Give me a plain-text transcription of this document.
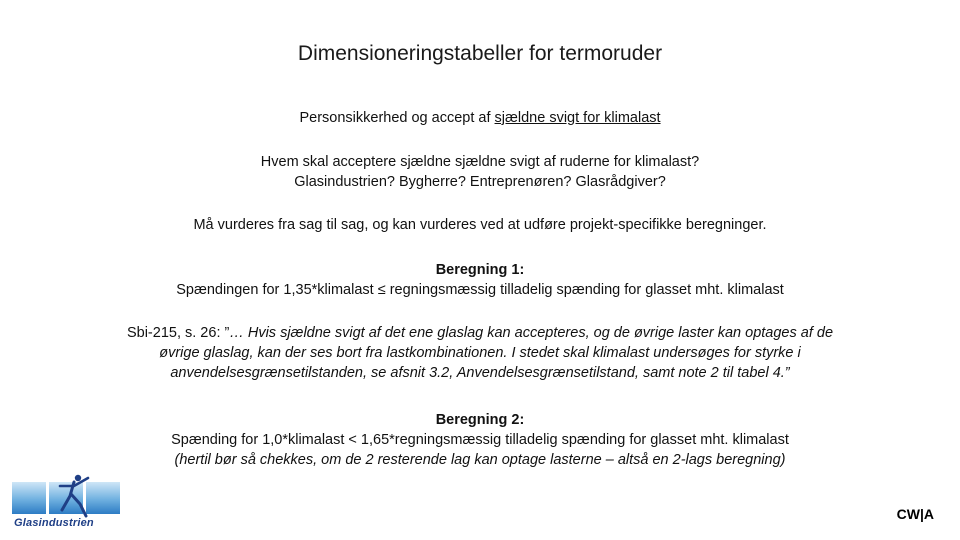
Dimensioneringstabeller for termoruder
Personsikkerhed og accept af sjældne svigt for klimalast
Hvem skal acceptere sjældne sjældne svigt af ruderne for klimalast?
Glasindustrien? Bygherre? Entreprenøren? Glasrådgiver?
Må vurderes fra sag til sag, og kan vurderes ved at udføre projekt-specifikke beregninger.
Beregning 1:
Spændingen for 1,35*klimalast ≤ regningsmæssig tilladelig spænding for glasset mht. klimalast
Sbi-215, s. 26: ”… Hvis sjældne svigt af det ene glaslag kan accepteres, og de øvrige laster kan optages af de
øvrige glaslag, kan der ses bort fra lastkombinationen. I stedet skal klimalast undersøges for styrke i
anvendelsesgrænsetilstanden, se afsnit 3.2, Anvendelsesgrænsetilstand, samt note 2 til tabel 4.”
Beregning 2:
Spænding for 1,0*klimalast < 1,65*regningsmæssig tilladelig spænding for glasset mht. klimalast
(hertil bør så chekkes, om de 2 resterende lag kan optage lasterne – altså en 2-lags beregning)
Glasindustrien
CW|A
